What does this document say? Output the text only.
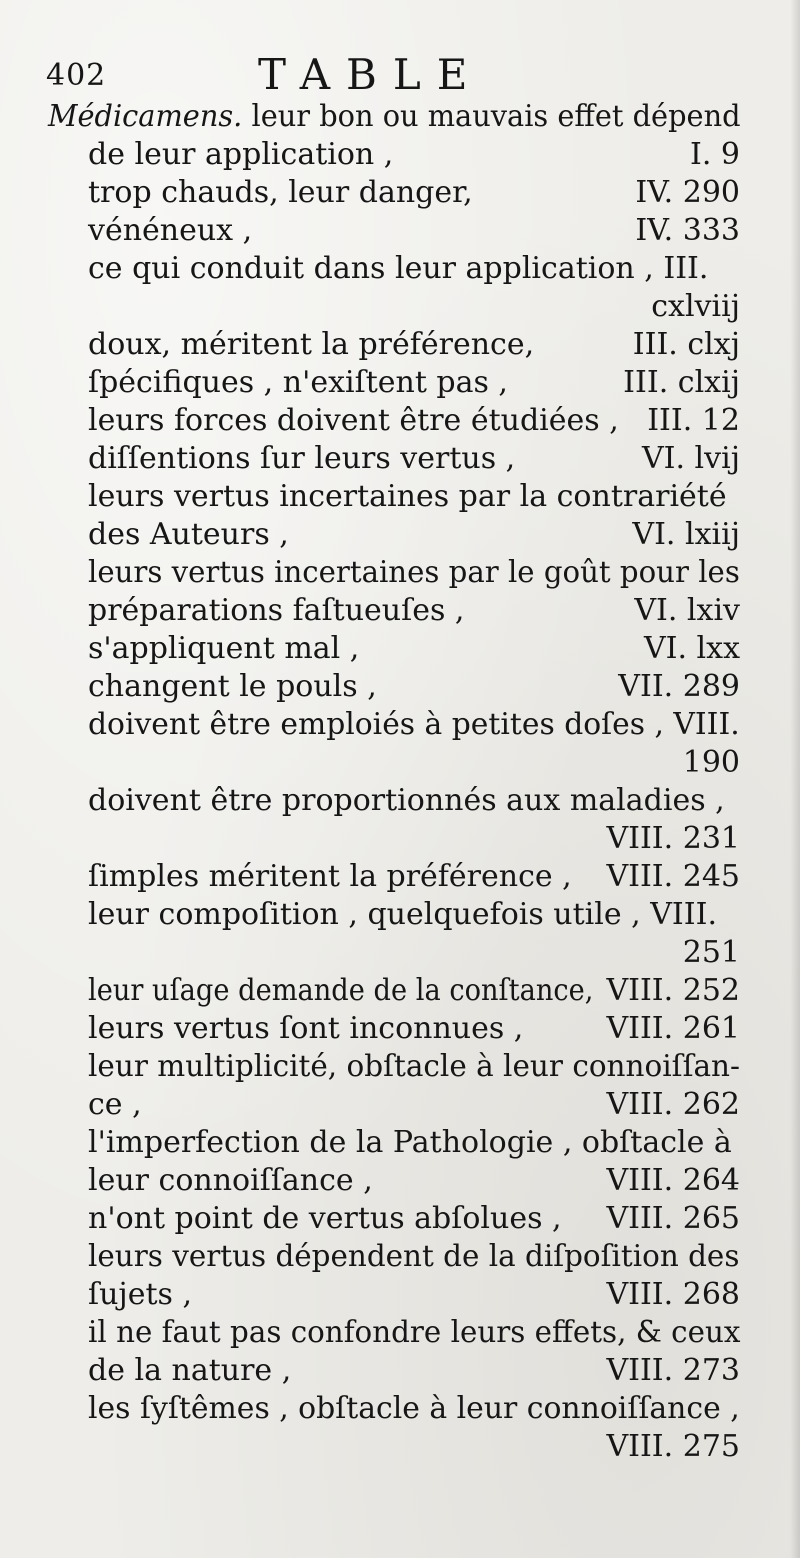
402	TABLE
Médicamens. leur bon ou mauvais effet dépend
de leur application ,	I. 9
trop chauds, leur danger,	IV. 290
vénéneux ,	IV. 333
ce qui conduit dans leur application , III.
cxlviij
doux, méritent la préférence,	III. clxj
ſpécifiques , n'exiſtent pas ,	III. clxij
leurs forces doivent être étudiées , III. 12
diſſentions ſur leurs vertus ,	VI. lvij
leurs vertus incertaines par la contrariété
des Auteurs ,	VI. lxiij
leurs vertus incertaines par le goût pour les
préparations faſtueuſes ,	VI. lxiv
s'appliquent mal ,	VI. lxx
changent le pouls ,	VII. 289
doivent être emploiés à petites doſes , VIII.
190
doivent être proportionnés aux maladies ,
VIII. 231
ſimples méritent la préférence , VIII. 245
leur compoſition , quelquefois utile , VIII.
251
leur uſage demande de la conſtance, VIII. 252
leurs vertus ſont inconnues ,	VIII. 261
leur multiplicité, obſtacle à leur connoiſſan-
ce ,	VIII. 262
l'imperfection de la Pathologie , obſtacle à
leur connoiſſance ,	VIII. 264
n'ont point de vertus abſolues , VIII. 265
leurs vertus dépendent de la diſpoſition des
ſujets ,	VIII. 268
il ne faut pas confondre leurs effets, & ceux
de la nature ,	VIII. 273
les ſyſtêmes , obſtacle à leur connoiſſance ,
VIII. 275
